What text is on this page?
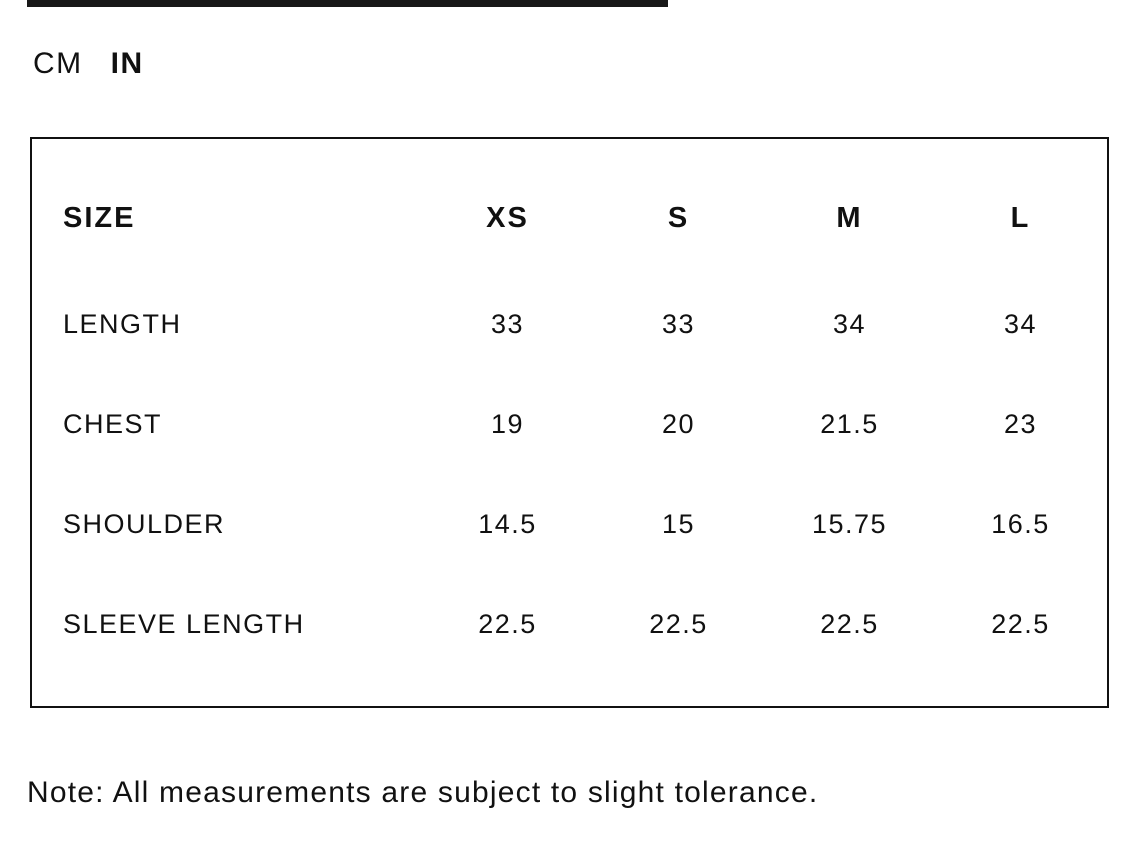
CM IN
SIZE	XS	S	M	L
LENGTH	33	33	34	34
CHEST	19	20	21.5	23
SHOULDER	14.5	15	15.75	16.5
SLEEVE LENGTH	22.5	22.5	22.5	22.5
Note: All measurements are subject to slight tolerance.
